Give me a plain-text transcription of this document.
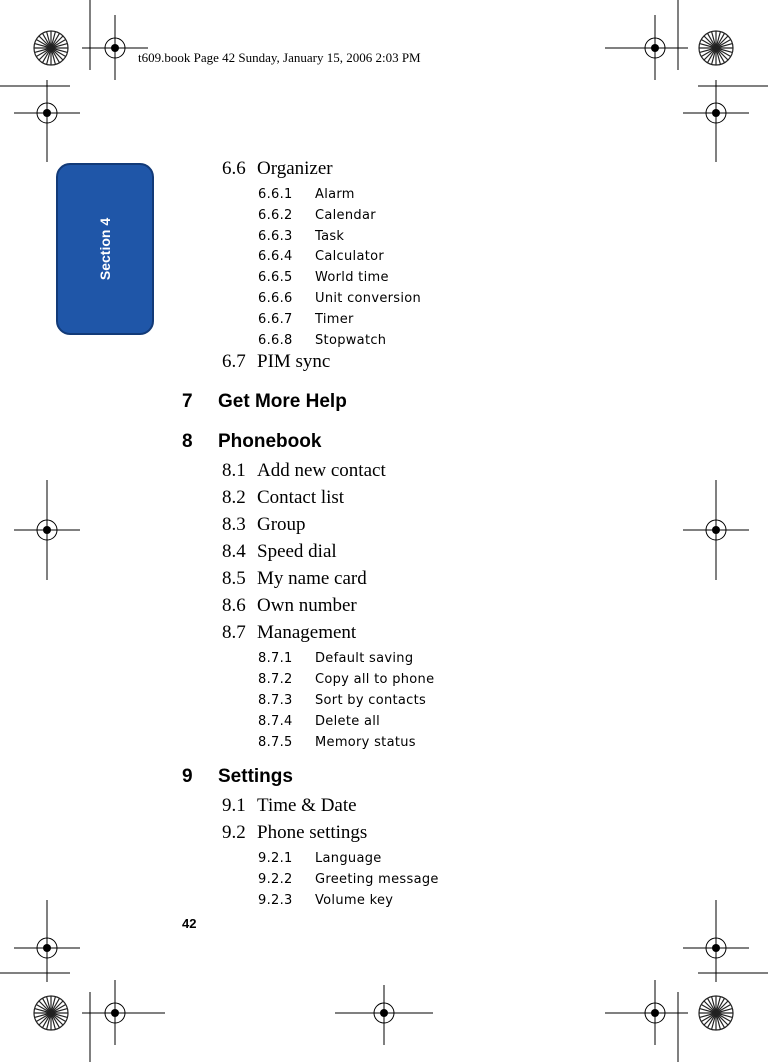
t609.book Page 42 Sunday, January 15, 2006 2:03 PM
Section 4
6.6 Organizer
6.6.1 Alarm
6.6.2 Calendar
6.6.3 Task
6.6.4 Calculator
6.6.5 World time
6.6.6 Unit conversion
6.6.7 Timer
6.6.8 Stopwatch
6.7 PIM sync
7 Get More Help
8 Phonebook
8.1 Add new contact
8.2 Contact list
8.3 Group
8.4 Speed dial
8.5 My name card
8.6 Own number
8.7 Management
8.7.1 Default saving
8.7.2 Copy all to phone
8.7.3 Sort by contacts
8.7.4 Delete all
8.7.5 Memory status
9 Settings
9.1 Time & Date
9.2 Phone settings
9.2.1 Language
9.2.2 Greeting message
9.2.3 Volume key
42
